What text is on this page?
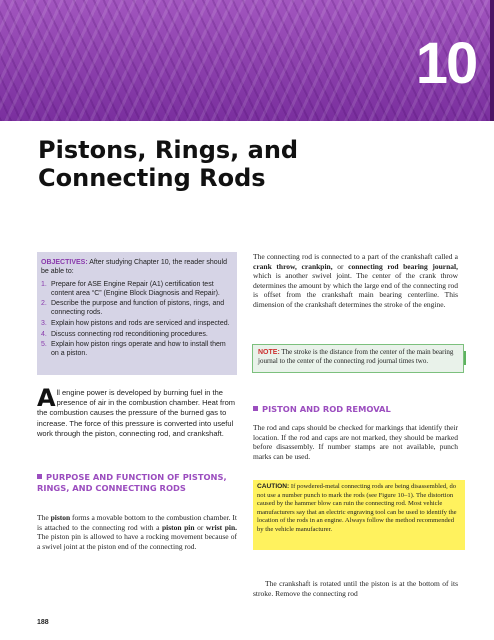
10
Pistons, Rings, and Connecting Rods
OBJECTIVES: After studying Chapter 10, the reader should be able to:
1. Prepare for ASE Engine Repair (A1) certification test content area “C” (Engine Block Diagnosis and Repair).
2. Describe the purpose and function of pistons, rings, and connecting rods.
3. Explain how pistons and rods are serviced and inspected.
4. Discuss connecting rod reconditioning procedures.
5. Explain how piston rings operate and how to install them on a piston.
All engine power is developed by burning fuel in the presence of air in the combustion chamber. Heat from the combustion causes the pressure of the burned gas to increase. The force of this pressure is converted into useful work through the piston, connecting rod, and crankshaft.
PURPOSE AND FUNCTION OF PISTONS, RINGS, AND CONNECTING RODS
The piston forms a movable bottom to the combustion chamber. It is attached to the connecting rod with a piston pin or wrist pin. The piston pin is allowed to have a rocking movement because of a swivel joint at the piston end of the connecting rod.
The connecting rod is connected to a part of the crankshaft called a crank throw, crankpin, or connecting rod bearing journal, which is another swivel joint. The center of the crank throw determines the amount by which the large end of the connecting rod is offset from the crankshaft main bearing centerline. This dimension of the crankshaft determines the stroke of the engine.
NOTE: The stroke is the distance from the center of the main bearing journal to the center of the connecting rod journal times two.
PISTON AND ROD REMOVAL
The rod and caps should be checked for markings that identify their location. If the rod and caps are not marked, they should be marked before disassembly. If number stamps are not available, punch marks can be used.
CAUTION: If powdered-metal connecting rods are being disassembled, do not use a number punch to mark the rods (see Figure 10–1). The distortion caused by the hammer blow can ruin the connecting rod. Most vehicle manufacturers say that an electric engraving tool can be used to identify the location of the rods in an engine. Always follow the method recommended by the vehicle manufacturer.
The crankshaft is rotated until the piston is at the bottom of its stroke. Remove the connecting rod
188
